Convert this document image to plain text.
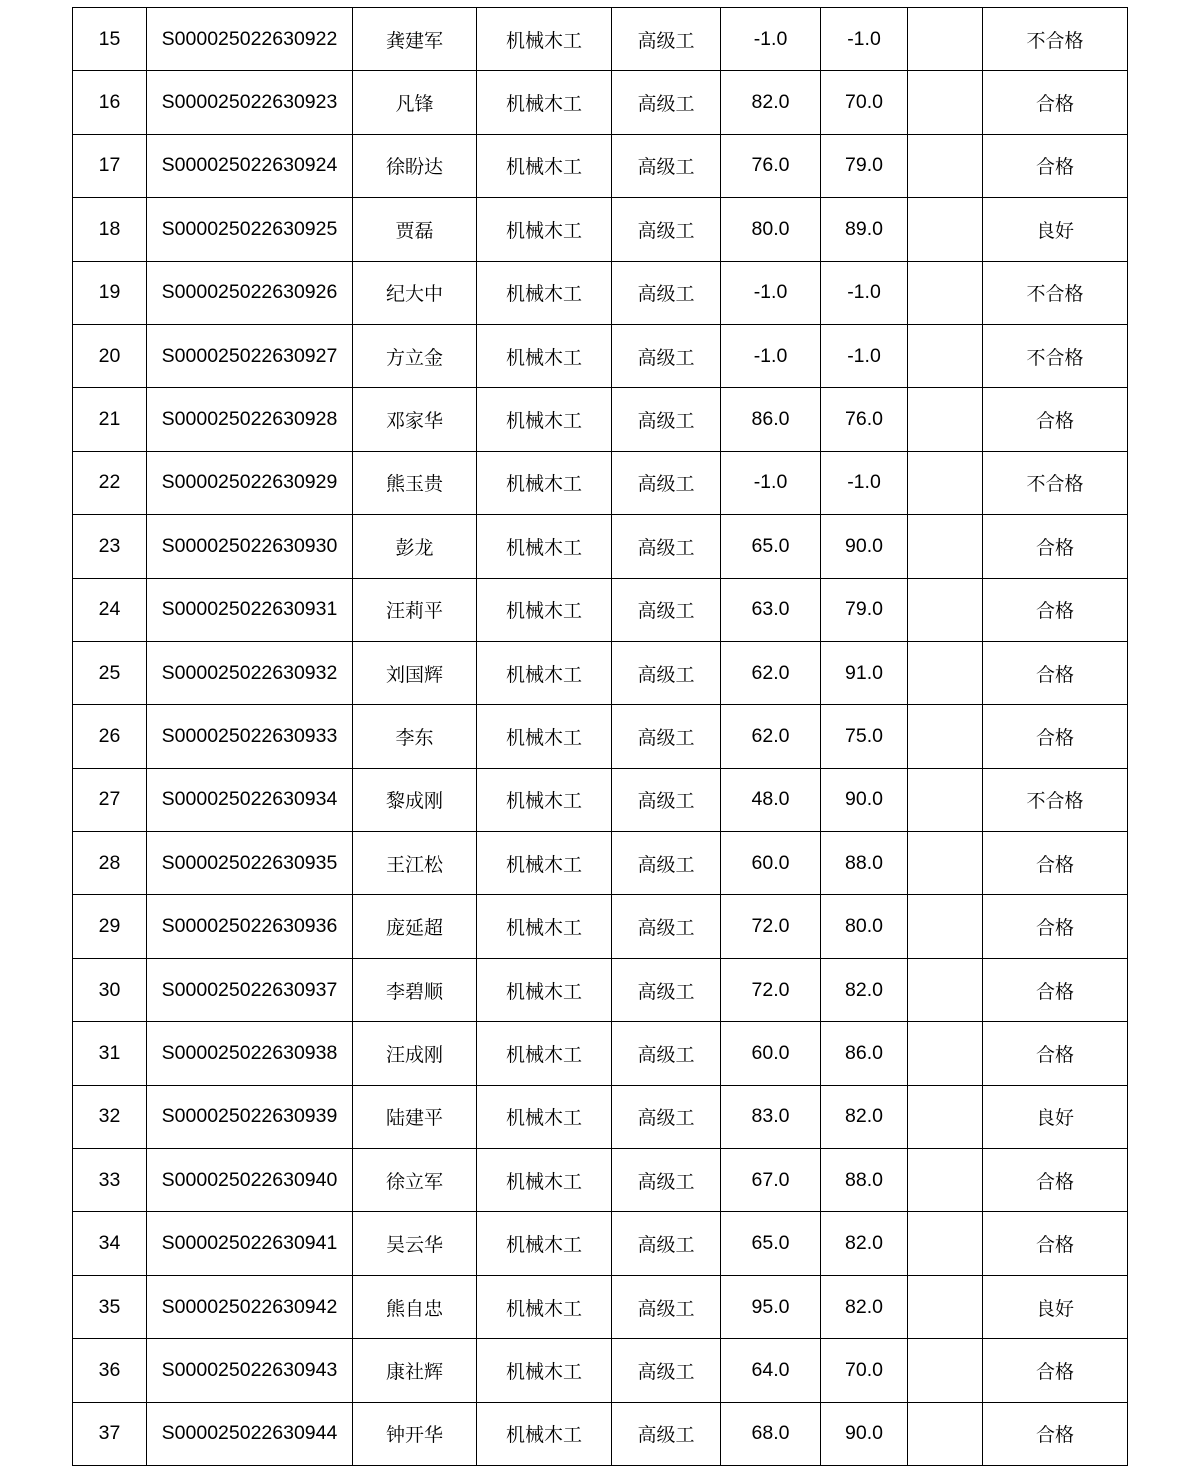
15	S000025022630922	龚建军	机械木工	高级工	-1.0	-1.0		不合格
16	S000025022630923	凡锋	机械木工	高级工	82.0	70.0		合格
17	S000025022630924	徐盼达	机械木工	高级工	76.0	79.0		合格
18	S000025022630925	贾磊	机械木工	高级工	80.0	89.0		良好
19	S000025022630926	纪大中	机械木工	高级工	-1.0	-1.0		不合格
20	S000025022630927	方立金	机械木工	高级工	-1.0	-1.0		不合格
21	S000025022630928	邓家华	机械木工	高级工	86.0	76.0		合格
22	S000025022630929	熊玉贵	机械木工	高级工	-1.0	-1.0		不合格
23	S000025022630930	彭龙	机械木工	高级工	65.0	90.0		合格
24	S000025022630931	汪莉平	机械木工	高级工	63.0	79.0		合格
25	S000025022630932	刘国辉	机械木工	高级工	62.0	91.0		合格
26	S000025022630933	李东	机械木工	高级工	62.0	75.0		合格
27	S000025022630934	黎成刚	机械木工	高级工	48.0	90.0		不合格
28	S000025022630935	王江松	机械木工	高级工	60.0	88.0		合格
29	S000025022630936	庞延超	机械木工	高级工	72.0	80.0		合格
30	S000025022630937	李碧顺	机械木工	高级工	72.0	82.0		合格
31	S000025022630938	汪成刚	机械木工	高级工	60.0	86.0		合格
32	S000025022630939	陆建平	机械木工	高级工	83.0	82.0		良好
33	S000025022630940	徐立军	机械木工	高级工	67.0	88.0		合格
34	S000025022630941	吴云华	机械木工	高级工	65.0	82.0		合格
35	S000025022630942	熊自忠	机械木工	高级工	95.0	82.0		良好
36	S000025022630943	康社辉	机械木工	高级工	64.0	70.0		合格
37	S000025022630944	钟开华	机械木工	高级工	68.0	90.0		合格
